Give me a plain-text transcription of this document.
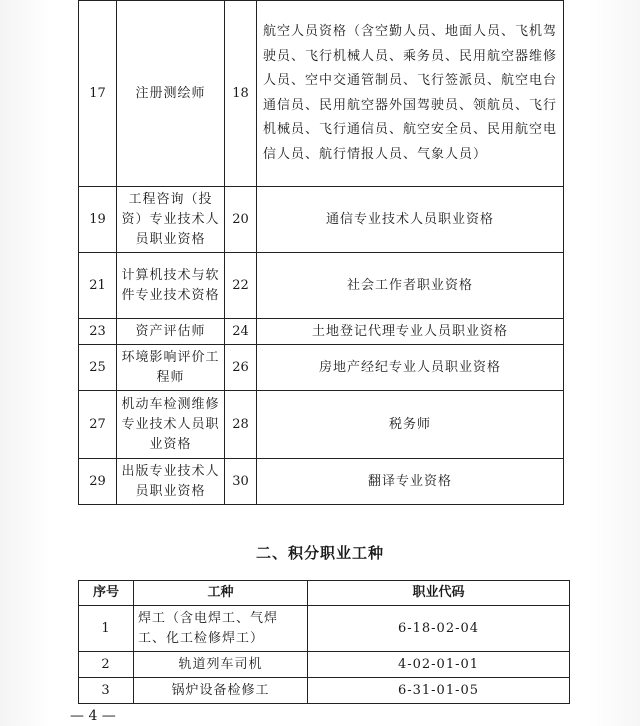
17	注册测绘师	18	航空人员资格（含空勤人员、地面人员、飞机驾驶员、飞行机械人员、乘务员、民用航空器维修人员、空中交通管制员、飞行签派员、航空电台通信员、民用航空器外国驾驶员、领航员、飞行机械员、飞行通信员、航空安全员、民用航空电信人员、航行情报人员、气象人员）
19	工程咨询（投资）专业技术人员职业资格	20	通信专业技术人员职业资格
21	计算机技术与软件专业技术资格	22	社会工作者职业资格
23	资产评估师	24	土地登记代理专业人员职业资格
25	环境影响评价工程师	26	房地产经纪专业人员职业资格
27	机动车检测维修专业技术人员职业资格	28	税务师
29	出版专业技术人员职业资格	30	翻译专业资格
二、积分职业工种
序号	工种	职业代码
1	焊工（含电焊工、气焊工、化工检修焊工）	6-18-02-04
2	轨道列车司机	4-02-01-01
3	锅炉设备检修工	6-31-01-05
— 4 —
